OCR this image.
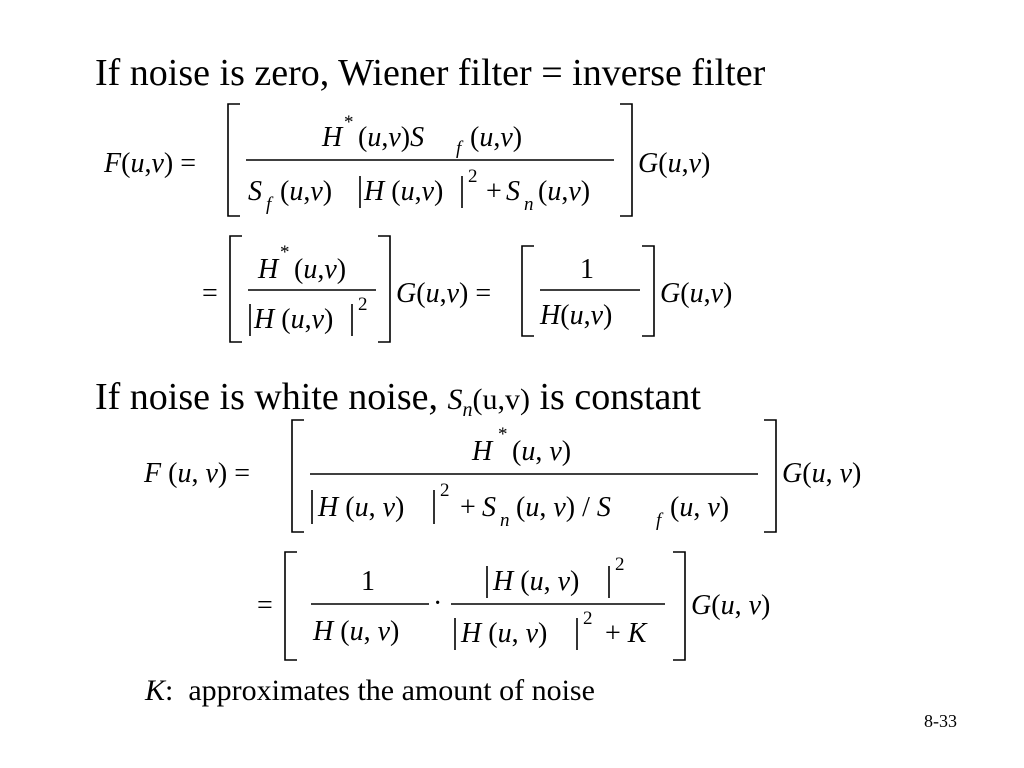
If noise is zero, Wiener filter = inverse filter

F(u,v) =
H * (u,v)S f (u,v)
S f (u,v) H (u,v) 2 + S n (u,v)
G(u,v)
=
H
*
(u,v)
H (u,v) 2 G(u,v) =
1
H(u,v)
G(u,v)

If noise is white noise, $S_n(u,v)$ is constant

F (u, v) =
H
*
(u, v)
H (u, v)
2
+ S n (u, v) / S f (u, v)
G(u, v)
=
1
H (u, v)
·
H (u, v)
2
H (u, v) 2 + K
G(u, v)

K:  approximates the amount of noise

8-33
